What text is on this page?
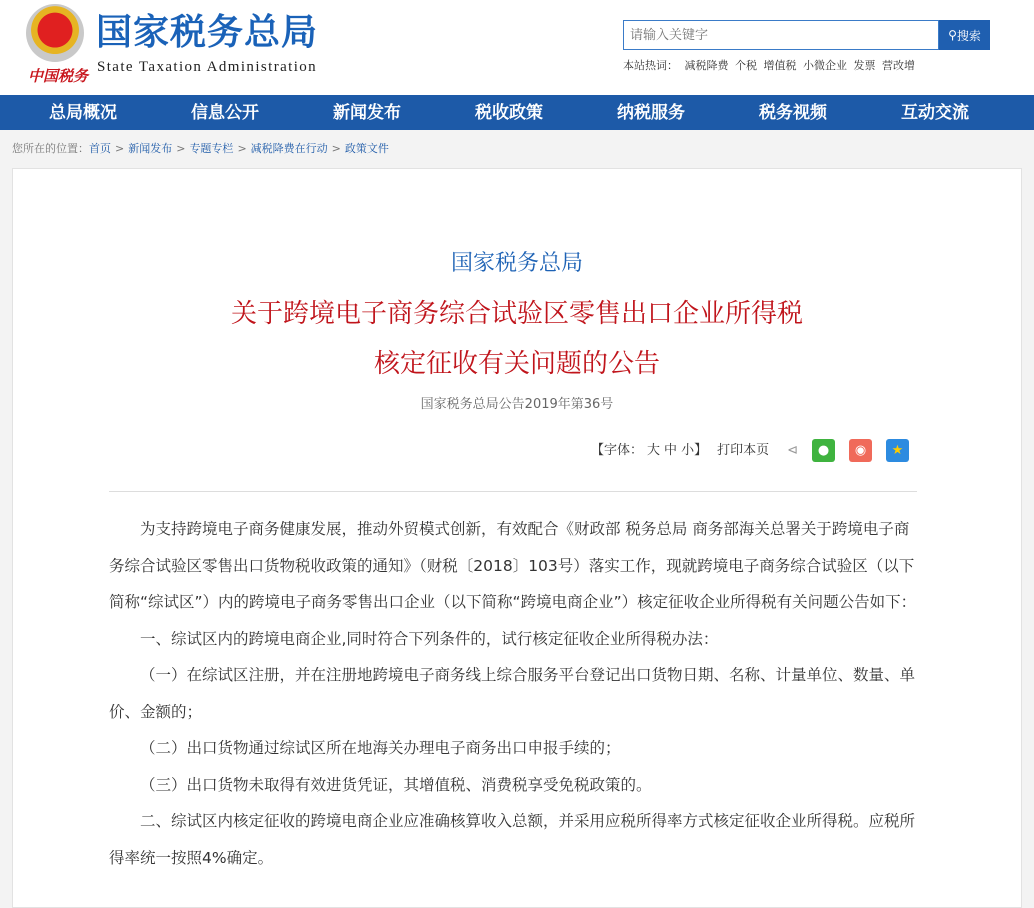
中国税务
国家税务总局
State Taxation Administration
请输入关键字
⚲ 搜索
本站热词： 减税降费 个税 增值税 小微企业 发票 营改增
总局概况	信息公开	新闻发布	税收政策	纳税服务	税务视频	互动交流
您所在的位置：首页 > 新闻发布 > 专题专栏 > 减税降费在行动 > 政策文件
国家税务总局
关于跨境电子商务综合试验区零售出口企业所得税
核定征收有关问题的公告
国家税务总局公告2019年第36号
【字体： 大 中 小】 打印本页 ⊲	●	◉	★

为支持跨境电子商务健康发展，推动外贸模式创新，有效配合《财政部 税务总局 商务部海关总署关于跨境电子商务综合试验区零售出口货物税收政策的通知》（财税〔2018〕103号）落实工作，现就跨境电子商务综合试验区（以下简称“综试区”）内的跨境电子商务零售出口企业（以下简称“跨境电商企业”）核定征收企业所得税有关问题公告如下：

一、综试区内的跨境电商企业,同时符合下列条件的，试行核定征收企业所得税办法：

（一）在综试区注册，并在注册地跨境电子商务线上综合服务平台登记出口货物日期、名称、计量单位、数量、单价、金额的；

（二）出口货物通过综试区所在地海关办理电子商务出口申报手续的；

（三）出口货物未取得有效进货凭证，其增值税、消费税享受免税政策的。

二、综试区内核定征收的跨境电商企业应准确核算收入总额，并采用应税所得率方式核定征收企业所得税。应税所得率统一按照4%确定。
